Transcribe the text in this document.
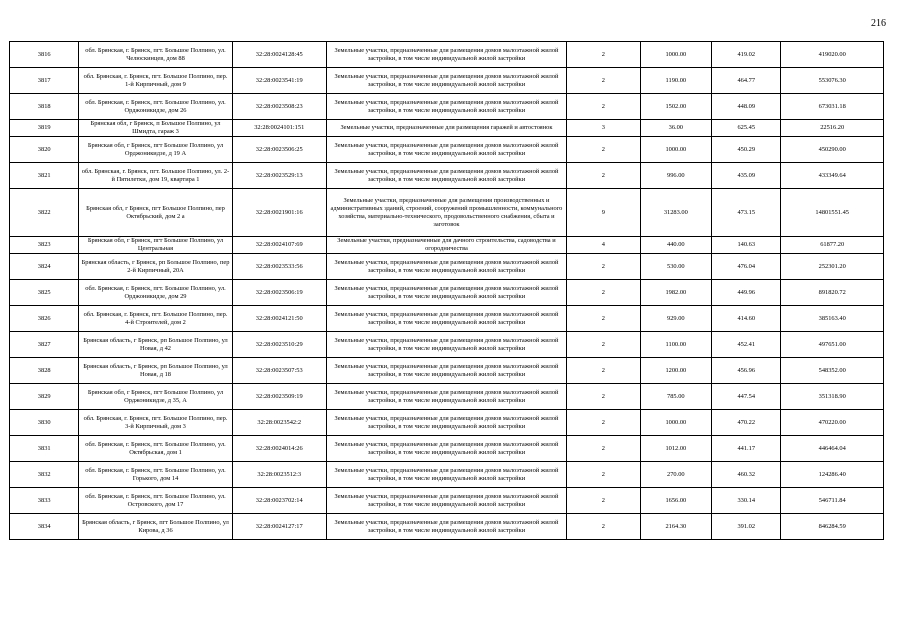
216
3816	обл. Брянская, г. Брянск, пгт. Большое Полпино, ул. Челюскинцев, дом 88	32:28:0024128:45	Земельные участки, предназначенные для размещения домов малоэтажной жилой застройки, в том числе индивидуальной жилой застройки	2	1000.00	419.02	419020.00
3817	обл. Брянская, г. Брянск, пгт. Большое Полпино, пер. 1-й Кирпичный, дом 9	32:28:0023541:19	Земельные участки, предназначенные для размещения домов малоэтажной жилой застройки, в том числе индивидуальной жилой застройки	2	1190.00	464.77	553076.30
3818	обл. Брянская, г. Брянск, пгт. Большое Полпино, ул. Орджоникидзе, дом 26	32:28:0023508:23	Земельные участки, предназначенные для размещения домов малоэтажной жилой застройки, в том числе индивидуальной жилой застройки	2	1502.00	448.09	673031.18
3819	Брянская обл, г Брянск, п Большое Полпино, ул Шмидта, гараж 3	32:28:0024101:151	Земельные участки, предназначенные для размещения гаражей и автостоянок	3	36.00	625.45	22516.20
3820	Брянская обл, г Брянск, пгт Большое Полпино, ул Орджоникидзе, д 19 А	32:28:0023506:25	Земельные участки, предназначенные для размещения домов малоэтажной жилой застройки, в том числе индивидуальной жилой застройки	2	1000.00	450.29	450290.00
3821	обл. Брянская, г. Брянск, пгт. Большое Полпино, ул. 2-й Пятилетки, дом 19, квартира 1	32:28:0023529:13	Земельные участки, предназначенные для размещения домов малоэтажной жилой застройки, в том числе индивидуальной жилой застройки	2	996.00	435.09	433349.64
3822	Брянская обл, г Брянск, пгт Большое Полпино, пер Октябрьский, дом 2 а	32:28:0021901:16	Земельные участки, предназначенные для размещения производственных и административных зданий, строений, сооружений промышленности, коммунального хозяйства, материально-технического, продовольственного снабжения, сбыта и заготовок	9	31283.00	473.15	14801551.45
3823	Брянская обл, г Брянск, пгт Большое Полпино, ул Центральная	32:28:0024107:69	Земельные участки, предназначенные для дачного строительства, садоводства и огородничества	4	440.00	140.63	61877.20
3824	Брянская область, г Брянск, рп Большое Полпино, пер 2-й Кирпичный, 20А	32:28:0023533:56	Земельные участки, предназначенные для размещения домов малоэтажной жилой застройки, в том числе индивидуальной жилой застройки	2	530.00	476.04	252301.20
3825	обл. Брянская, г. Брянск, пгт. Большое Полпино, ул. Орджоникидзе, дом 29	32:28:0023506:19	Земельные участки, предназначенные для размещения домов малоэтажной жилой застройки, в том числе индивидуальной жилой застройки	2	1982.00	449.96	891820.72
3826	обл. Брянская, г. Брянск, пгт. Большое Полпино, пер. 4-й Строителей, дом 2	32:28:0024121:50	Земельные участки, предназначенные для размещения домов малоэтажной жилой застройки, в том числе индивидуальной жилой застройки	2	929.00	414.60	385163.40
3827	Брянская область, г Брянск, рп Большое Полпино, ул Новая, д 42	32:28:0023510:29	Земельные участки, предназначенные для размещения домов малоэтажной жилой застройки, в том числе индивидуальной жилой застройки	2	1100.00	452.41	497651.00
3828	Брянская область, г Брянск, рп Большое Полпино, ул Новая, д 18	32:28:0023507:53	Земельные участки, предназначенные для размещения домов малоэтажной жилой застройки, в том числе индивидуальной жилой застройки	2	1200.00	456.96	548352.00
3829	Брянская обл, г Брянск, пгт Большое Полпино, ул Орджоникидзе, д 35, А	32:28:0023509:19	Земельные участки, предназначенные для размещения домов малоэтажной жилой застройки, в том числе индивидуальной жилой застройки	2	785.00	447.54	351318.90
3830	обл. Брянская, г. Брянск, пгт. Большое Полпино, пер. 3-й Кирпичный, дом 3	32:28:0023542:2	Земельные участки, предназначенные для размещения домов малоэтажной жилой застройки, в том числе индивидуальной жилой застройки	2	1000.00	470.22	470220.00
3831	обл. Брянская, г. Брянск, пгт. Большое Полпино, ул. Октябрьская, дом 1	32:28:0024014:26	Земельные участки, предназначенные для размещения домов малоэтажной жилой застройки, в том числе индивидуальной жилой застройки	2	1012.00	441.17	446464.04
3832	обл. Брянская, г. Брянск, пгт. Большое Полпино, ул. Горького, дом 14	32:28:0023512:3	Земельные участки, предназначенные для размещения домов малоэтажной жилой застройки, в том числе индивидуальной жилой застройки	2	270.00	460.32	124286.40
3833	обл. Брянская, г. Брянск, пгт. Большое Полпино, ул. Островского, дом 17	32:28:0023702:14	Земельные участки, предназначенные для размещения домов малоэтажной жилой застройки, в том числе индивидуальной жилой застройки	2	1656.00	330.14	546711.84
3834	Брянская область, г Брянск, пгт Большое Полпино, ул Кирова, д 36	32:28:0024127:17	Земельные участки, предназначенные для размещения домов малоэтажной жилой застройки, в том числе индивидуальной жилой застройки	2	2164.30	391.02	846284.59
